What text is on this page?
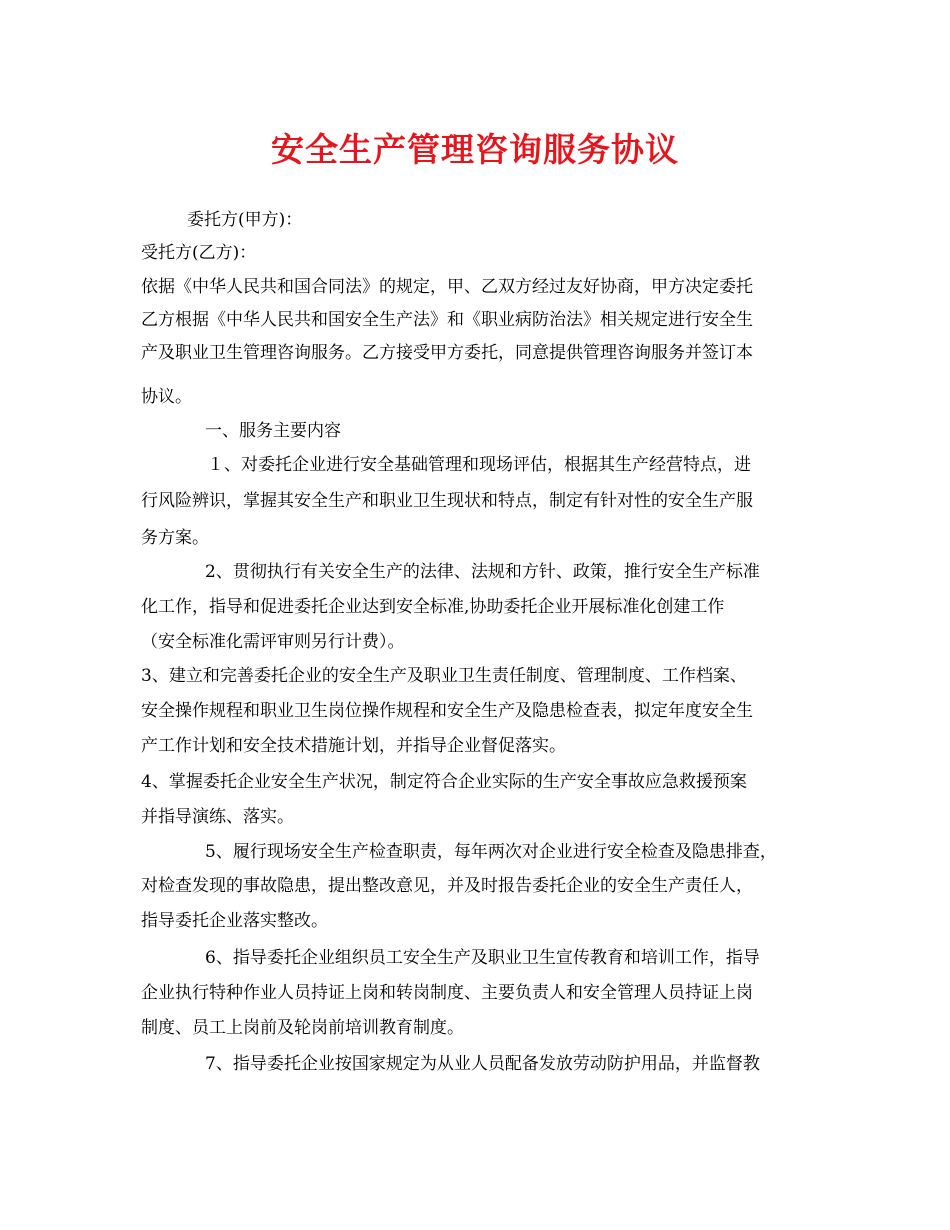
安全生产管理咨询服务协议
委托方(甲方)：
受托方(乙方)：
依据《中华人民共和国合同法》的规定，甲、乙双方经过友好协商，甲方决定委托
乙方根据《中华人民共和国安全生产法》和《职业病防治法》相关规定进行安全生
产及职业卫生管理咨询服务。乙方接受甲方委托，同意提供管理咨询服务并签订本
协议。
一、服务主要内容
１、对委托企业进行安全基础管理和现场评估，根据其生产经营特点，进
行风险辨识，掌握其安全生产和职业卫生现状和特点，制定有针对性的安全生产服
务方案。
2、贯彻执行有关安全生产的法律、法规和方针、政策，推行安全生产标准
化工作，指导和促进委托企业达到安全标准,协助委托企业开展标准化创建工作
（安全标准化需评审则另行计费）。
3、建立和完善委托企业的安全生产及职业卫生责任制度、管理制度、工作档案、
安全操作规程和职业卫生岗位操作规程和安全生产及隐患检查表，拟定年度安全生
产工作计划和安全技术措施计划，并指导企业督促落实。
4、掌握委托企业安全生产状况，制定符合企业实际的生产安全事故应急救援预案
并指导演练、落实。
5、履行现场安全生产检查职责，每年两次对企业进行安全检查及隐患排查，
对检查发现的事故隐患，提出整改意见，并及时报告委托企业的安全生产责任人，
指导委托企业落实整改。
6、指导委托企业组织员工安全生产及职业卫生宣传教育和培训工作，指导
企业执行特种作业人员持证上岗和转岗制度、主要负责人和安全管理人员持证上岗
制度、员工上岗前及轮岗前培训教育制度。
7、指导委托企业按国家规定为从业人员配备发放劳动防护用品，并监督教
